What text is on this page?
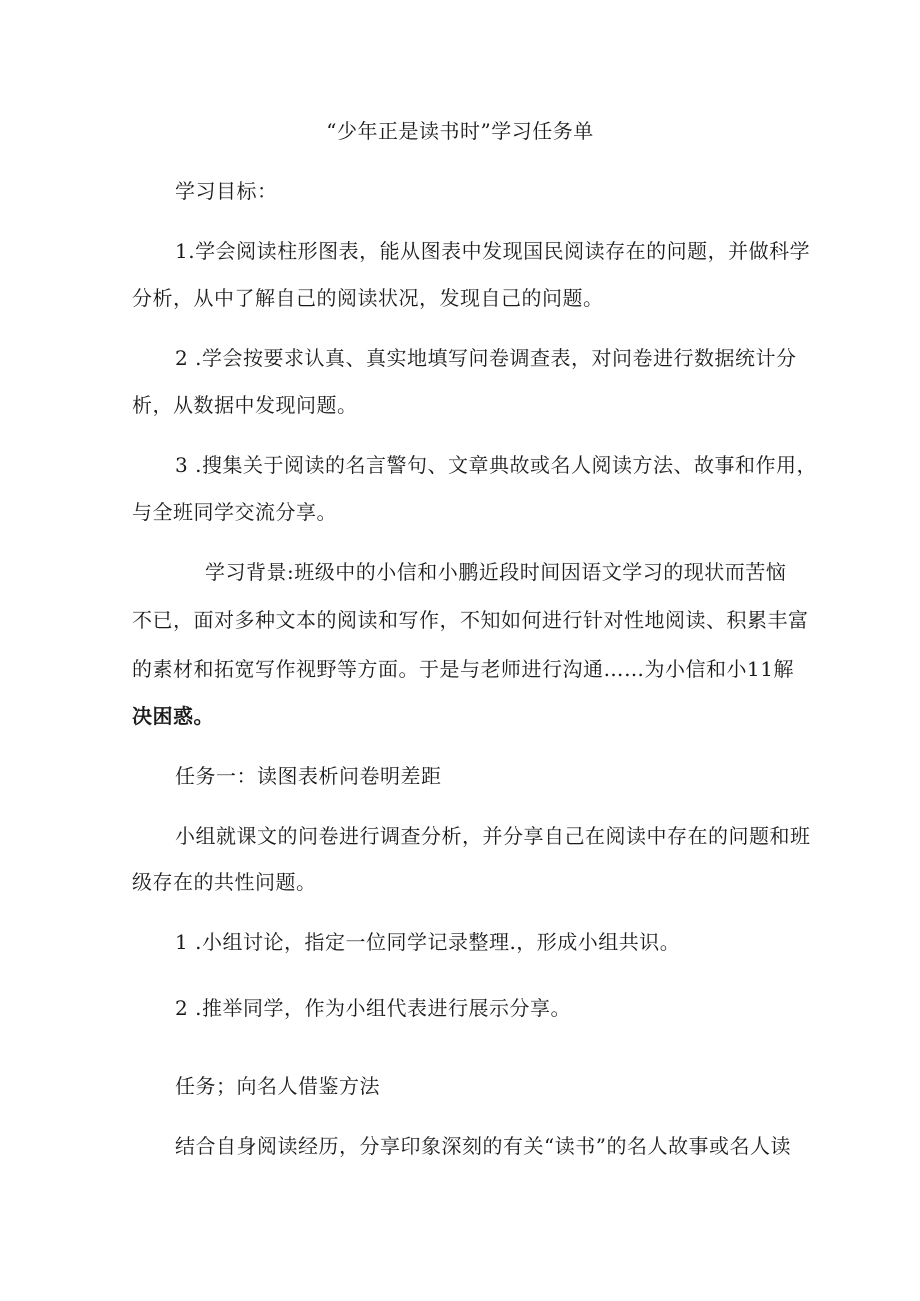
“少年正是读书时”学习任务单
学习目标：
1.学会阅读柱形图表，能从图表中发现国民阅读存在的问题，并做科学
分析，从中了解自己的阅读状况，发现自己的问题。
2 .学会按要求认真、真实地填写问卷调查表，对问卷进行数据统计分
析，从数据中发现问题。
3 .搜集关于阅读的名言警句、文章典故或名人阅读方法、故事和作用，
与全班同学交流分享。
学习背景:班级中的小信和小鹏近段时间因语文学习的现状而苦恼
不已，面对多种文本的阅读和写作，不知如何进行针对性地阅读、积累丰富
的素材和拓宽写作视野等方面。于是与老师进行沟通……为小信和小11解
决困惑。
任务一：读图表析问卷明差距
小组就课文的问卷进行调查分析，并分享自己在阅读中存在的问题和班
级存在的共性问题。
1 .小组讨论，指定一位同学记录整理.，形成小组共识。
2 .推举同学，作为小组代表进行展示分享。
任务；向名人借鉴方法
结合自身阅读经历，分享印象深刻的有关“读书”的名人故事或名人读
